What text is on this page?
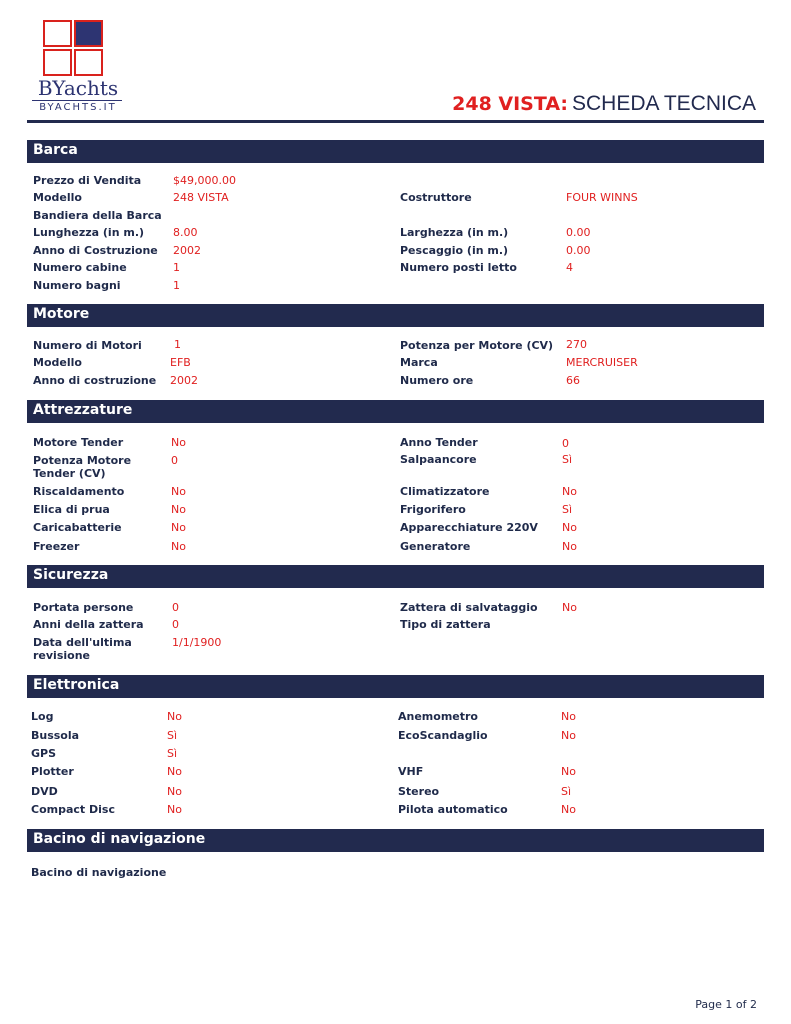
BYachts
BYACHTS.IT	248 VISTA: SCHEDA TECNICA
Barca
Prezzo di Vendita	$49,000.00
Modello	248 VISTA	Costruttore	FOUR WINNS
Bandiera della Barca
Lunghezza (in m.)	8.00	Larghezza (in m.)	0.00
Anno di Costruzione 2002	Pescaggio (in m.)	0.00
Numero cabine	1	Numero posti letto	4
Numero bagni	1
Motore
Numero di Motori	1	Potenza per Motore (CV) 270
Modello	EFB	Marca	MERCRUISER
Anno di costruzione 2002	Numero ore	66
Attrezzature
Motore Tender	No	Anno Tender	0
Potenza Motore
Tender (CV)
0	Salpaancore	Sì
Riscaldamento	No	Climatizzatore	No
Elica di prua	No	Frigorifero	Sì
Caricabatterie	No	Apparecchiature 220V No
Freezer	No	Generatore	No
Sicurezza
Portata persone	0	Zattera di salvataggio No
Anni della zattera	0	Tipo di zattera
Data dell'ultima
revisione
1/1/1900
Elettronica
Log	No	Anemometro	No
Bussola	Sì	EcoScandaglio	No
GPS	Sì
Plotter	No	VHF	No
DVD	No	Stereo	Sì
Compact Disc	No	Pilota automatico	No
Bacino di navigazione
Bacino di navigazione
Page 1 of 2
